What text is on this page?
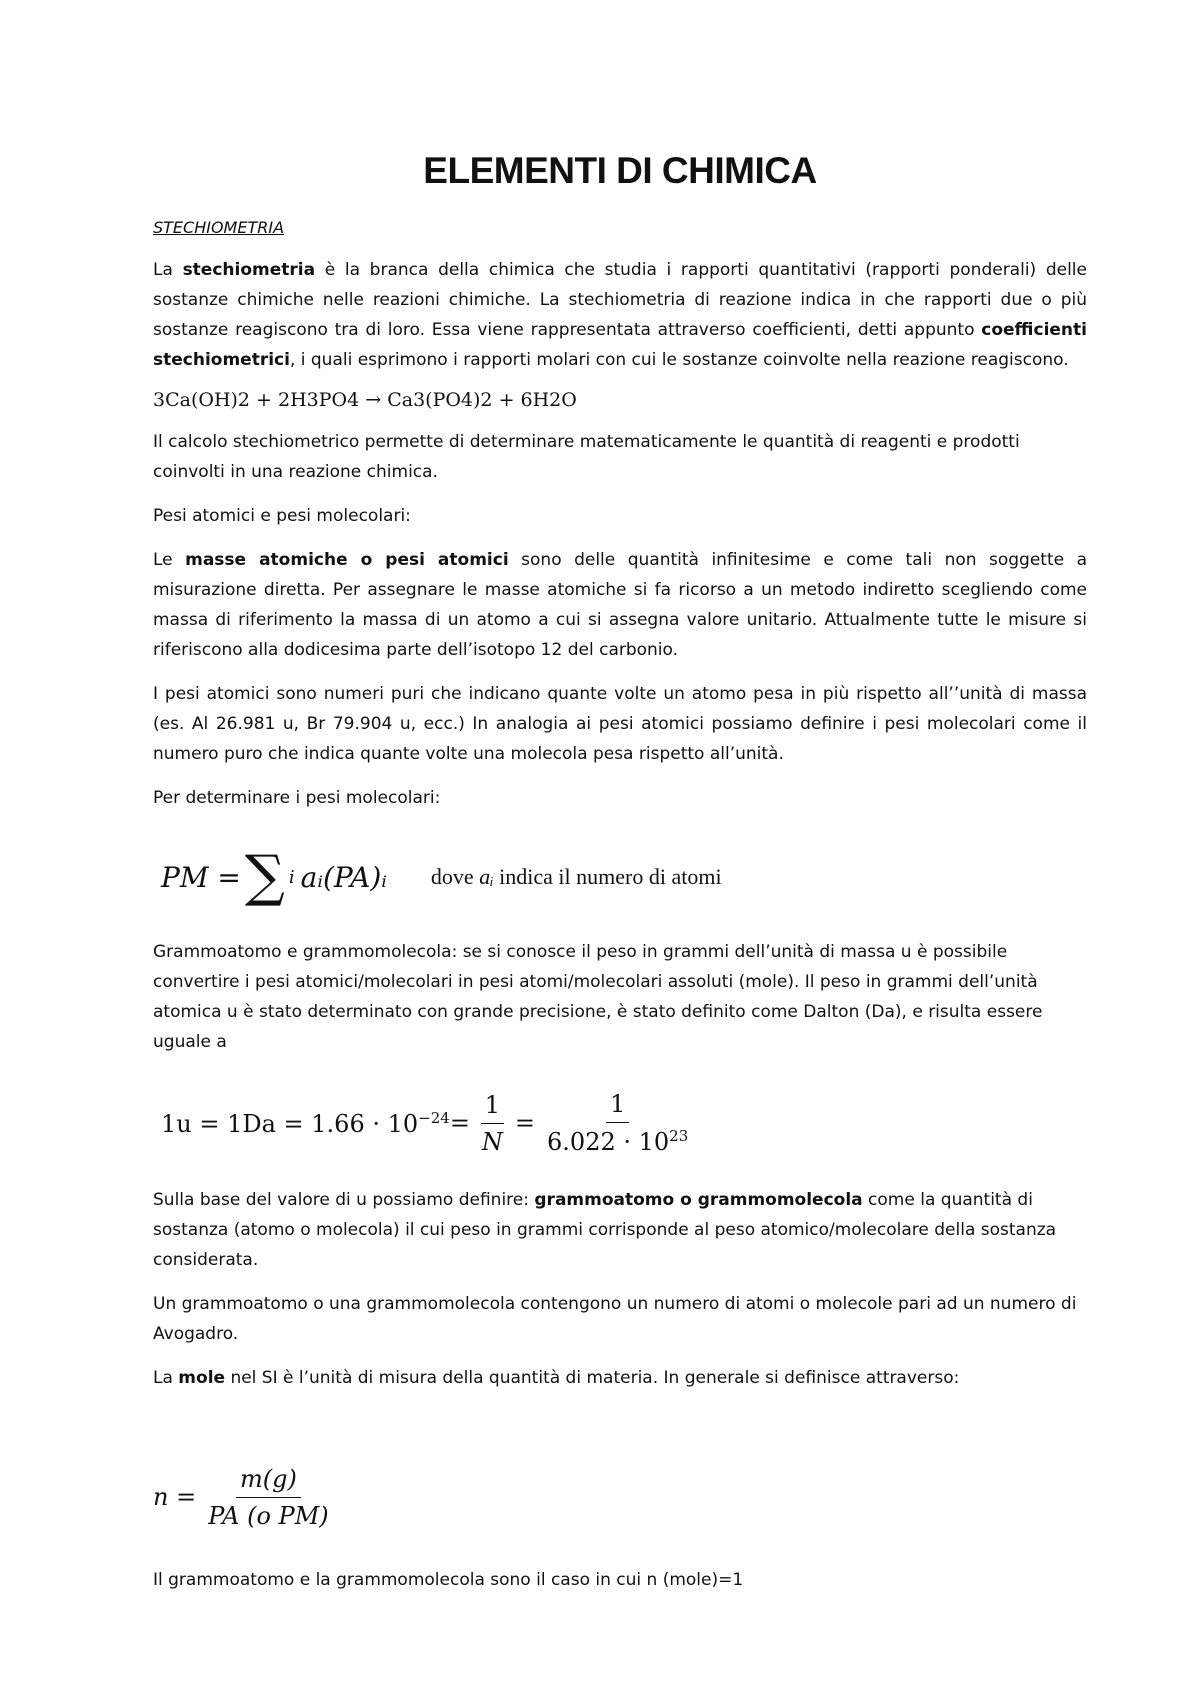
ELEMENTI DI CHIMICA
STECHIOMETRIA

La stechiometria è la branca della chimica che studia i rapporti quantitativi (rapporti ponderali) delle sostanze chimiche nelle reazioni chimiche. La stechiometria di reazione indica in che rapporti due o più sostanze reagiscono tra di loro. Essa viene rappresentata attraverso coefficienti, detti appunto coefficienti stechiometrici, i quali esprimono i rapporti molari con cui le sostanze coinvolte nella reazione reagiscono.

3Ca(OH)2 + 2H3PO4 → Ca3(PO4)2 + 6H2O

Il calcolo stechiometrico permette di determinare matematicamente le quantità di reagenti e prodotti coinvolti in una reazione chimica.

Pesi atomici e pesi molecolari:

Le masse atomiche o pesi atomici sono delle quantità infinitesime e come tali non soggette a misurazione diretta. Per assegnare le masse atomiche si fa ricorso a un metodo indiretto scegliendo come massa di riferimento la massa di un atomo a cui si assegna valore unitario. Attualmente tutte le misure si riferiscono alla dodicesima parte dell’isotopo 12 del carbonio.

I pesi atomici sono numeri puri che indicano quante volte un atomo pesa in più rispetto all’’unità di massa (es. Al 26.981 u, Br 79.904 u, ecc.) In analogia ai pesi atomici possiamo definire i pesi molecolari come il numero puro che indica quante volte una molecola pesa rispetto all’unità.

Per determinare i pesi molecolari:

PM = ∑ i aᵢ(PA)ᵢ dove aᵢ indica il numero di atomi

Grammoatomo e grammomolecola: se si conosce il peso in grammi dell’unità di massa u è possibile convertire i pesi atomici/molecolari in pesi atomi/molecolari assoluti (mole). Il peso in grammi dell’unità atomica u è stato determinato con grande precisione, è stato definito come Dalton (Da), e risulta essere uguale a

$1u = 1Da = 1.66 \cdot 10^{-24} = \frac{1}{N} = \frac{1}{6.022 \cdot 10^{23}}$

Sulla base del valore di u possiamo definire: grammoatomo o grammomolecola come la quantità di sostanza (atomo o molecola) il cui peso in grammi corrisponde al peso atomico/molecolare della sostanza considerata.

Un grammoatomo o una grammomolecola contengono un numero di atomi o molecole pari ad un numero di Avogadro.

La mole nel SI è l’unità di misura della quantità di materia. In generale si definisce attraverso:

$n = \frac{m(g)}{\text{PA (o PM)}}$

Il grammoatomo e la grammomolecola sono il caso in cui n (mole)=1
